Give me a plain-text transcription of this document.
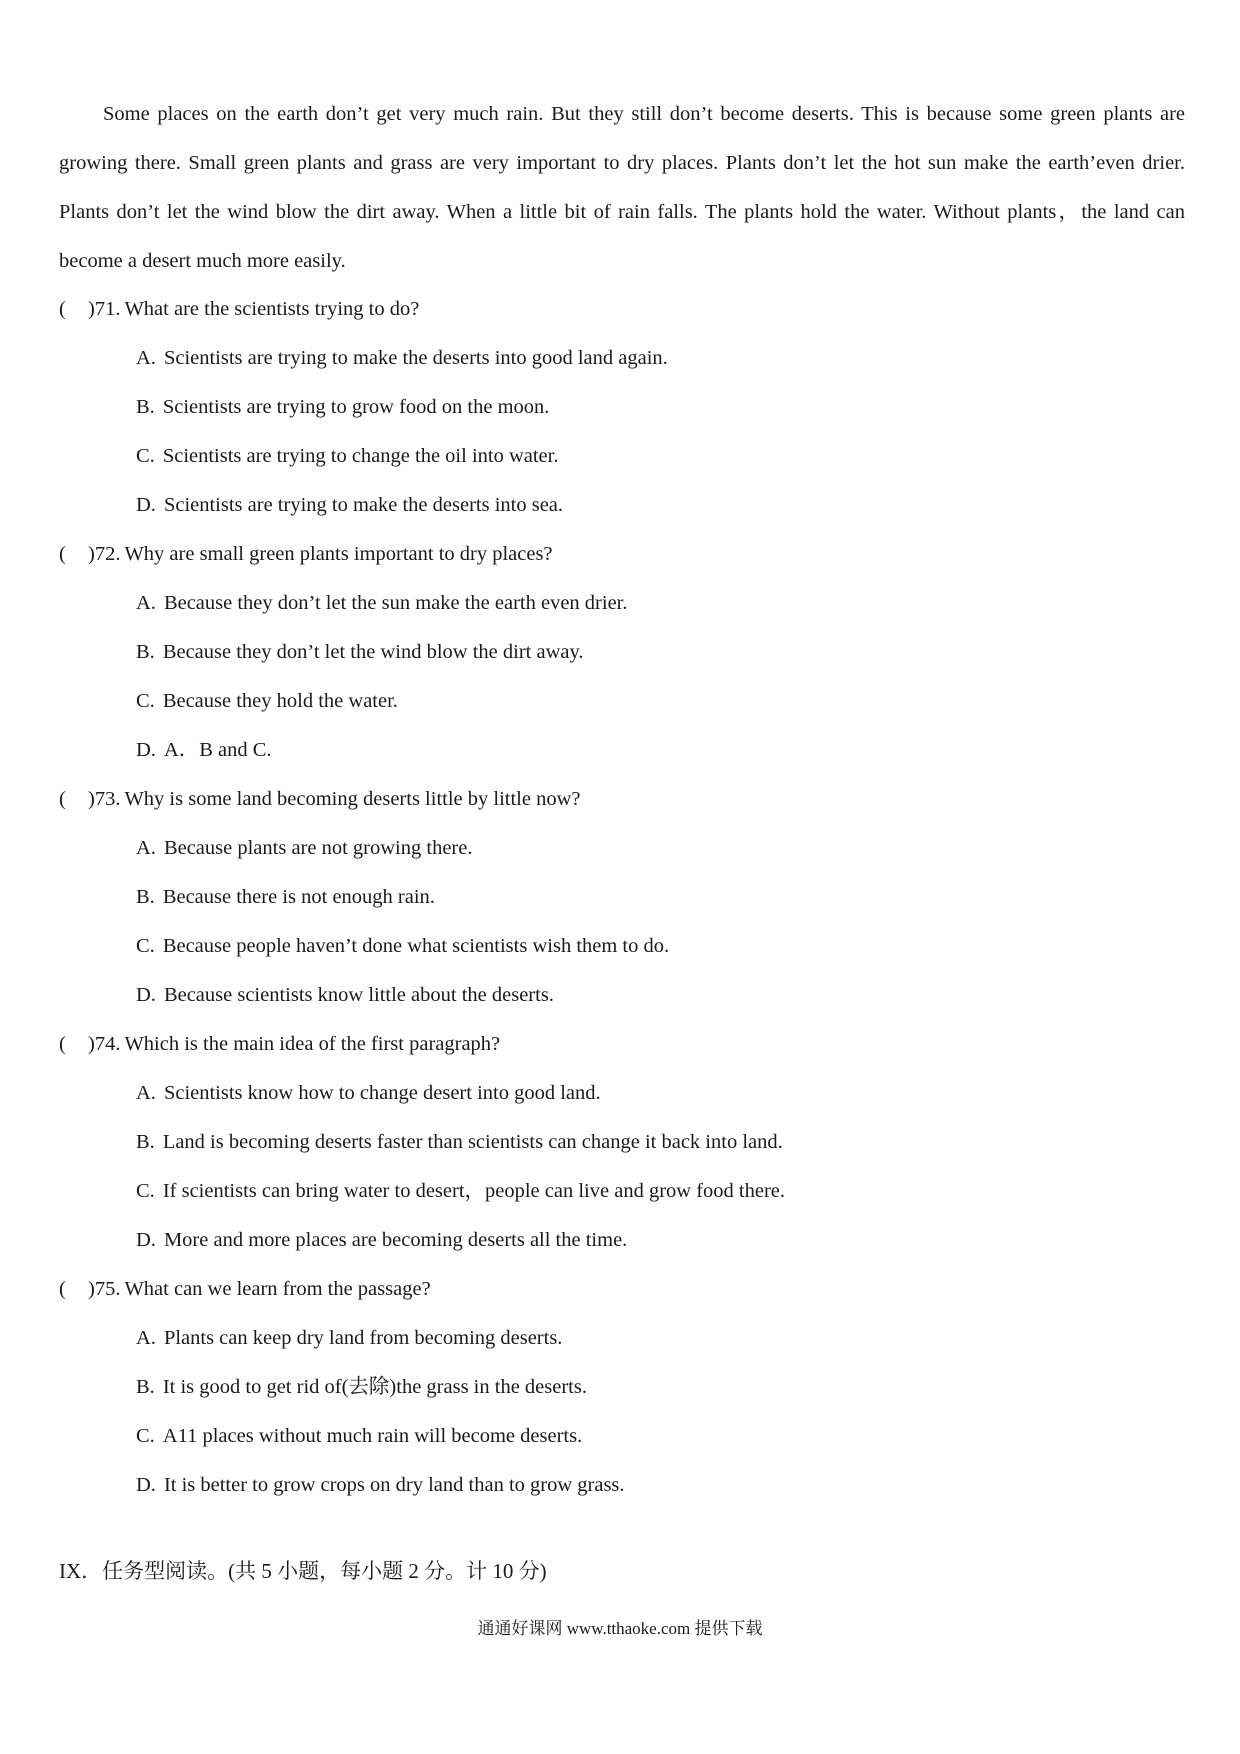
Some places on the earth don’t get very much rain. But they still don’t become deserts. This is because some green plants are growing there. Small green plants and grass are very important to dry places. Plants don’t let the hot sun make the earth’even drier. Plants don’t let the wind blow the dirt away. When a little bit of rain falls. The plants hold the water. Without plants，the land can become a desert much more easily.

( )71. What are the scientists trying to do?
A. Scientists are trying to make the deserts into good land again.
B. Scientists are trying to grow food on the moon.
C. Scientists are trying to change the oil into water.
D. Scientists are trying to make the deserts into sea.
( )72. Why are small green plants important to dry places?
A. Because they don’t let the sun make the earth even drier.
B. Because they don’t let the wind blow the dirt away.
C. Because they hold the water.
D. A．B and C.
( )73. Why is some land becoming deserts little by little now?
A. Because plants are not growing there.
B. Because there is not enough rain.
C. Because people haven’t done what scientists wish them to do.
D. Because scientists know little about the deserts.
( )74. Which is the main idea of the first paragraph?
A. Scientists know how to change desert into good land.
B. Land is becoming deserts faster than scientists can change it back into land.
C. If scientists can bring water to desert，people can live and grow food there.
D. More and more places are becoming deserts all the time.
( )75. What can we learn from the passage?
A. Plants can keep dry land from becoming deserts.
B. It is good to get rid of(去除)the grass in the deserts.
C. A11 places without much rain will become deserts.
D. It is better to grow crops on dry land than to grow grass.
IX．任务型阅读。(共 5 小题，每小题 2 分。计 10 分)
通通好课网 www.tthaoke.com 提供下载
